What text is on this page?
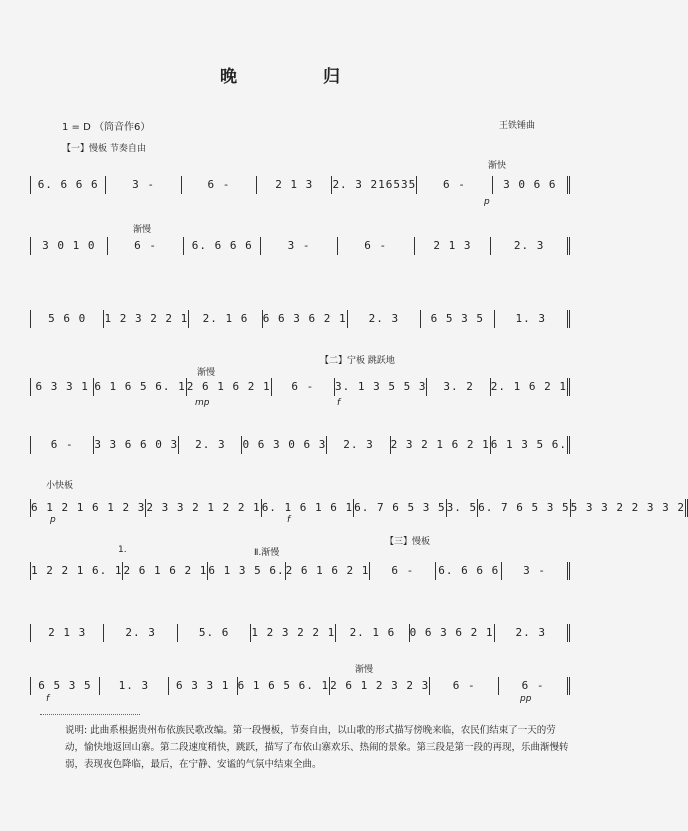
晚 归
1 = D （筒音作6）	王铁锤曲
【一】慢板 节奏自由
渐快
6. 6 6 6	3 -	6 -	2 1 3	2. 3 216535	6 -	3 0 6 6
p
渐慢
3 0 1 0	6 -	6. 6 6 6	3 -	6 -	2 1 3	2. 3
5 6 0	1 2 3 2 2 1	2. 1 6	6 6 3 6 2 1	2. 3	6 5 3 5	1. 3
【二】宁板 跳跃地
渐慢
6 3 3 1 6 1 6 5 6. 1 2 6 1 6 2 1	6 -	3. 1 3 5 5 3	3. 2	2. 1 6 2 1
mp	f
6 -	3 3 6 6 0 3	2. 3	0 6 3 0 6 3	2. 3	2 3 2 1 6 2 1 6 1 3 5 6.
小快板
6 1 2 1 6 1 2 3 2 3 3 2 1 2 2 1 6. 1 6 1 6 1 6. 7 6 5 3 5 3. 5 6. 7 6 5 3 5 5 3 3 2 2 3 3 2
p	f
【三】慢板
1.	Ⅱ.渐慢
1 2 2 1 6. 1 2 6 1 6 2 1 6 1 3 5 6. 2 6 1 6 2 1	6 -	6. 6 6 6	3 -
2 1 3	2. 3	5. 6	1 2 3 2 2 1	2. 1 6	0 6 3 6 2 1	2. 3
渐慢
6 5 3 5	1. 3	6 3 3 1 6 1 6 5 6. 1 2 6 1 2 3 2 3	6 -	6 -
f	pp
说明: 此曲系根据贵州布依族民歌改编。第一段慢板，节奏自由，以山歌的形式描写傍晚来临，农民们结束了一天的劳动，愉快地返回山寨。第二段速度稍快，跳跃，描写了布依山寨欢乐、热闹的景象。第三段是第一段的再现，乐曲渐慢转弱，表现夜色降临，最后，在宁静、安谧的气氛中结束全曲。
